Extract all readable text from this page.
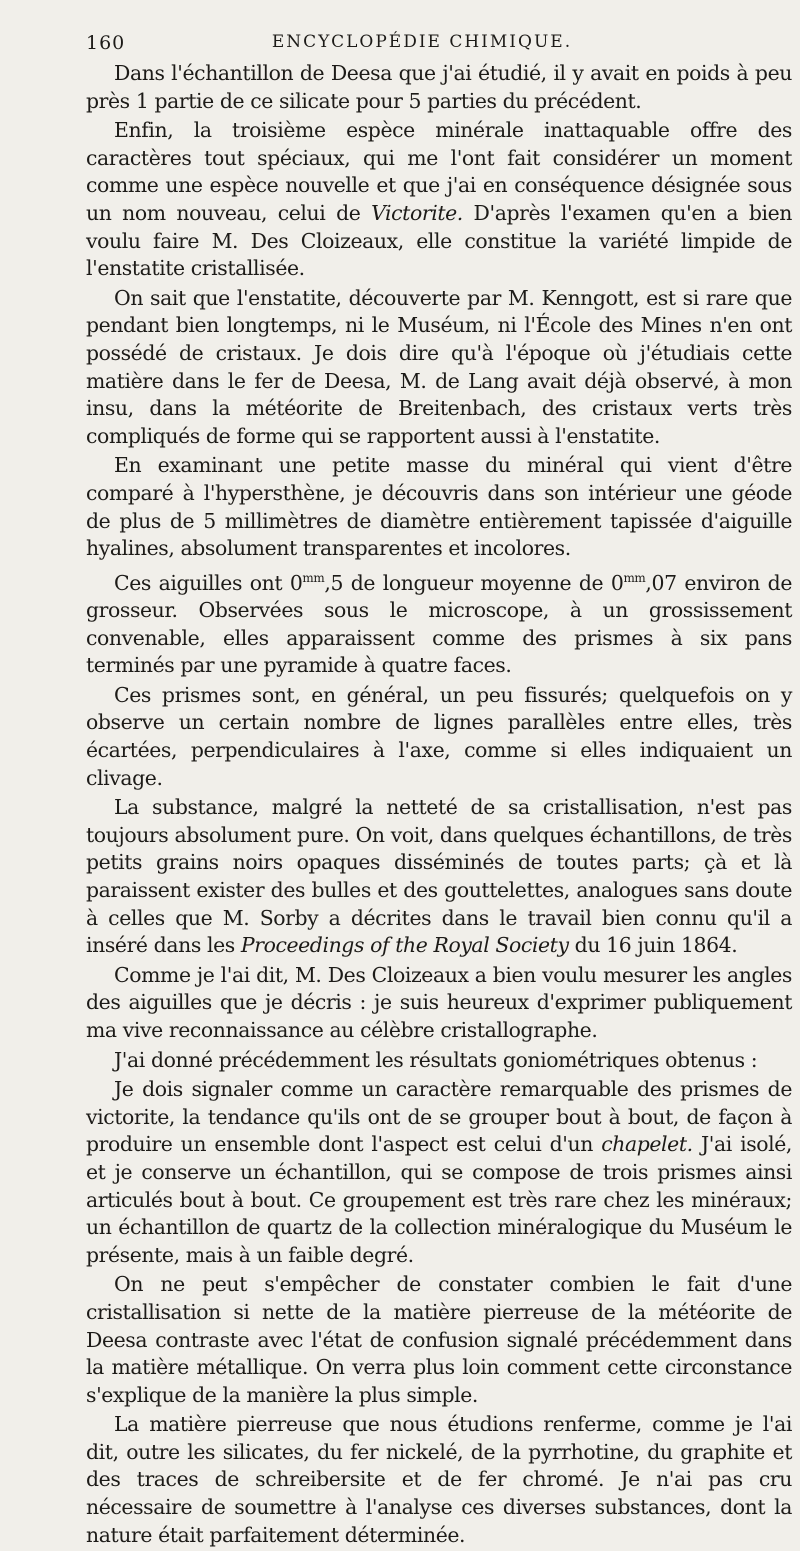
160	ENCYCLOPÉDIE CHIMIQUE.

Dans l'échantillon de Deesa que j'ai étudié, il y avait en poids à peu près 1 partie de ce silicate pour 5 parties du précédent.

Enfin, la troisième espèce minérale inattaquable offre des caractères tout spéciaux, qui me l'ont fait considérer un moment comme une espèce nouvelle et que j'ai en conséquence désignée sous un nom nouveau, celui de Victorite. D'après l'examen qu'en a bien voulu faire M. Des Cloizeaux, elle constitue la variété limpide de l'enstatite cristallisée.

On sait que l'enstatite, découverte par M. Kenngott, est si rare que pendant bien longtemps, ni le Muséum, ni l'École des Mines n'en ont possédé de cristaux. Je dois dire qu'à l'époque où j'étudiais cette matière dans le fer de Deesa, M. de Lang avait déjà observé, à mon insu, dans la météorite de Breitenbach, des cristaux verts très compliqués de forme qui se rapportent aussi à l'enstatite.

En examinant une petite masse du minéral qui vient d'être comparé à l'hypersthène, je découvris dans son intérieur une géode de plus de 5 millimètres de diamètre entièrement tapissée d'aiguille hyalines, absolument transparentes et incolores.

Ces aiguilles ont $0^{mm},5$ de longueur moyenne de $0^{mm},07$ environ de grosseur. Observées sous le microscope, à un grossissement convenable, elles apparaissent comme des prismes à six pans terminés par une pyramide à quatre faces.

Ces prismes sont, en général, un peu fissurés; quelquefois on y observe un certain nombre de lignes parallèles entre elles, très écartées, perpendiculaires à l'axe, comme si elles indiquaient un clivage.

La substance, malgré la netteté de sa cristallisation, n'est pas toujours absolument pure. On voit, dans quelques échantillons, de très petits grains noirs opaques disséminés de toutes parts; çà et là paraissent exister des bulles et des gouttelettes, analogues sans doute à celles que M. Sorby a décrites dans le travail bien connu qu'il a inséré dans les Proceedings of the Royal Society du 16 juin 1864.

Comme je l'ai dit, M. Des Cloizeaux a bien voulu mesurer les angles des aiguilles que je décris : je suis heureux d'exprimer publiquement ma vive reconnaissance au célèbre cristallographe.

J'ai donné précédemment les résultats goniométriques obtenus :

Je dois signaler comme un caractère remarquable des prismes de victorite, la tendance qu'ils ont de se grouper bout à bout, de façon à produire un ensemble dont l'aspect est celui d'un chapelet. J'ai isolé, et je conserve un échantillon, qui se compose de trois prismes ainsi articulés bout à bout. Ce groupement est très rare chez les minéraux; un échantillon de quartz de la collection minéralogique du Muséum le présente, mais à un faible degré.

On ne peut s'empêcher de constater combien le fait d'une cristallisation si nette de la matière pierreuse de la météorite de Deesa contraste avec l'état de confusion signalé précédemment dans la matière métallique. On verra plus loin comment cette circonstance s'explique de la manière la plus simple.

La matière pierreuse que nous étudions renferme, comme je l'ai dit, outre les silicates, du fer nickelé, de la pyrrhotine, du graphite et des traces de schreibersite et de fer chromé. Je n'ai pas cru nécessaire de soumettre à l'analyse ces diverses substances, dont la nature était parfaitement déterminée.
